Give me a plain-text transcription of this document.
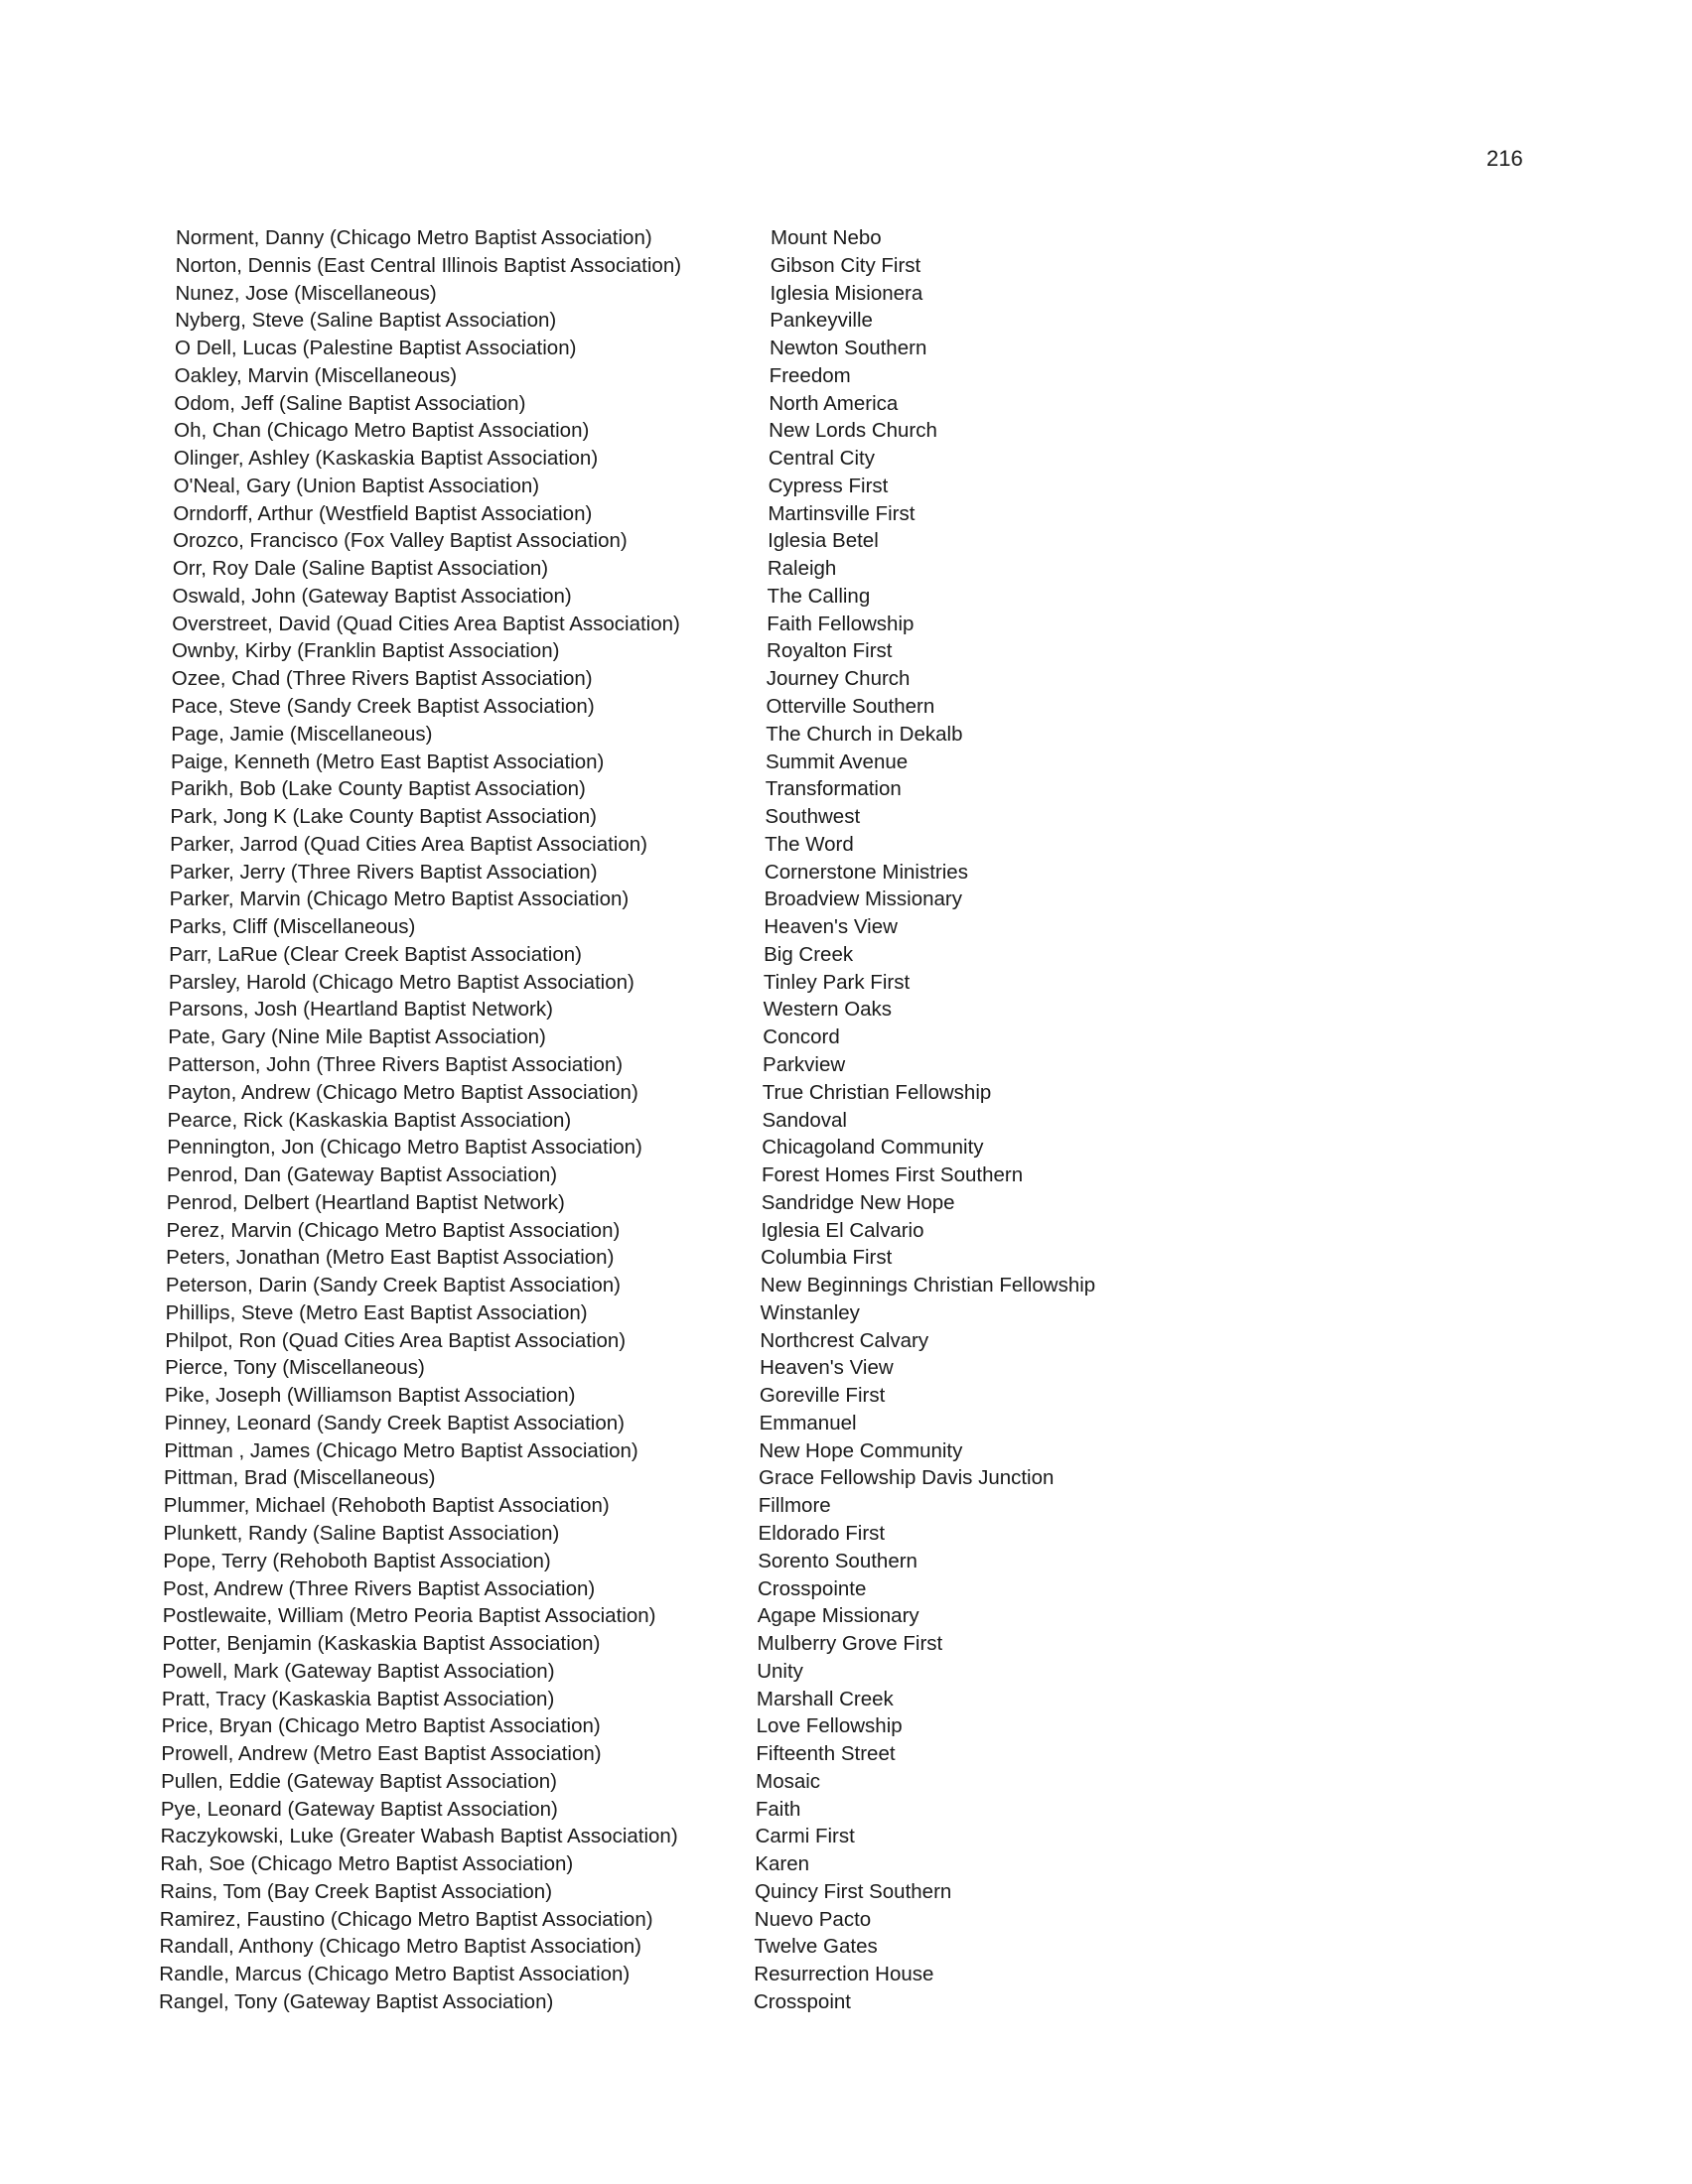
216
Norment, Danny (Chicago Metro Baptist Association)	Mount Nebo
Norton, Dennis (East Central Illinois Baptist Association)	Gibson City First
Nunez, Jose (Miscellaneous)	Iglesia Misionera
Nyberg, Steve (Saline Baptist Association)	Pankeyville
O Dell, Lucas (Palestine Baptist Association)	Newton Southern
Oakley, Marvin (Miscellaneous)	Freedom
Odom, Jeff (Saline Baptist Association)	North America
Oh, Chan (Chicago Metro Baptist Association)	New Lords Church
Olinger, Ashley (Kaskaskia Baptist Association)	Central City
O'Neal, Gary (Union Baptist Association)	Cypress First
Orndorff, Arthur (Westfield Baptist Association)	Martinsville First
Orozco, Francisco (Fox Valley Baptist Association)	Iglesia Betel
Orr, Roy Dale (Saline Baptist Association)	Raleigh
Oswald, John (Gateway Baptist Association)	The Calling
Overstreet, David (Quad Cities Area Baptist Association)	Faith Fellowship
Ownby, Kirby (Franklin Baptist Association)	Royalton First
Ozee, Chad (Three Rivers Baptist Association)	Journey Church
Pace, Steve (Sandy Creek Baptist Association)	Otterville Southern
Page, Jamie (Miscellaneous)	The Church in Dekalb
Paige, Kenneth (Metro East Baptist Association)	Summit Avenue
Parikh, Bob (Lake County Baptist Association)	Transformation
Park, Jong K (Lake County Baptist Association)	Southwest
Parker, Jarrod (Quad Cities Area Baptist Association)	The Word
Parker, Jerry (Three Rivers Baptist Association)	Cornerstone Ministries
Parker, Marvin (Chicago Metro Baptist Association)	Broadview Missionary
Parks, Cliff (Miscellaneous)	Heaven's View
Parr, LaRue (Clear Creek Baptist Association)	Big Creek
Parsley, Harold (Chicago Metro Baptist Association)	Tinley Park First
Parsons, Josh (Heartland Baptist Network)	Western Oaks
Pate, Gary (Nine Mile Baptist Association)	Concord
Patterson, John (Three Rivers Baptist Association)	Parkview
Payton, Andrew (Chicago Metro Baptist Association)	True Christian Fellowship
Pearce, Rick (Kaskaskia Baptist Association)	Sandoval
Pennington, Jon (Chicago Metro Baptist Association)	Chicagoland Community
Penrod, Dan (Gateway Baptist Association)	Forest Homes First Southern
Penrod, Delbert (Heartland Baptist Network)	Sandridge New Hope
Perez, Marvin (Chicago Metro Baptist Association)	Iglesia El Calvario
Peters, Jonathan (Metro East Baptist Association)	Columbia First
Peterson, Darin (Sandy Creek Baptist Association)	New Beginnings Christian Fellowship
Phillips, Steve (Metro East Baptist Association)	Winstanley
Philpot, Ron (Quad Cities Area Baptist Association)	Northcrest Calvary
Pierce, Tony (Miscellaneous)	Heaven's View
Pike, Joseph (Williamson Baptist Association)	Goreville First
Pinney, Leonard (Sandy Creek Baptist Association)	Emmanuel
Pittman , James (Chicago Metro Baptist Association)	New Hope Community
Pittman, Brad (Miscellaneous)	Grace Fellowship Davis Junction
Plummer, Michael (Rehoboth Baptist Association)	Fillmore
Plunkett, Randy (Saline Baptist Association)	Eldorado First
Pope, Terry (Rehoboth Baptist Association)	Sorento Southern
Post, Andrew (Three Rivers Baptist Association)	Crosspointe
Postlewaite, William (Metro Peoria Baptist Association)	Agape Missionary
Potter, Benjamin (Kaskaskia Baptist Association)	Mulberry Grove First
Powell, Mark (Gateway Baptist Association)	Unity
Pratt, Tracy (Kaskaskia Baptist Association)	Marshall Creek
Price, Bryan (Chicago Metro Baptist Association)	Love Fellowship
Prowell, Andrew (Metro East Baptist Association)	Fifteenth Street
Pullen, Eddie (Gateway Baptist Association)	Mosaic
Pye, Leonard (Gateway Baptist Association)	Faith
Raczykowski, Luke (Greater Wabash Baptist Association)	Carmi First
Rah, Soe (Chicago Metro Baptist Association)	Karen
Rains, Tom (Bay Creek Baptist Association)	Quincy First Southern
Ramirez, Faustino (Chicago Metro Baptist Association)	Nuevo Pacto
Randall, Anthony (Chicago Metro Baptist Association)	Twelve Gates
Randle, Marcus (Chicago Metro Baptist Association)	Resurrection House
Rangel, Tony (Gateway Baptist Association)	Crosspoint
